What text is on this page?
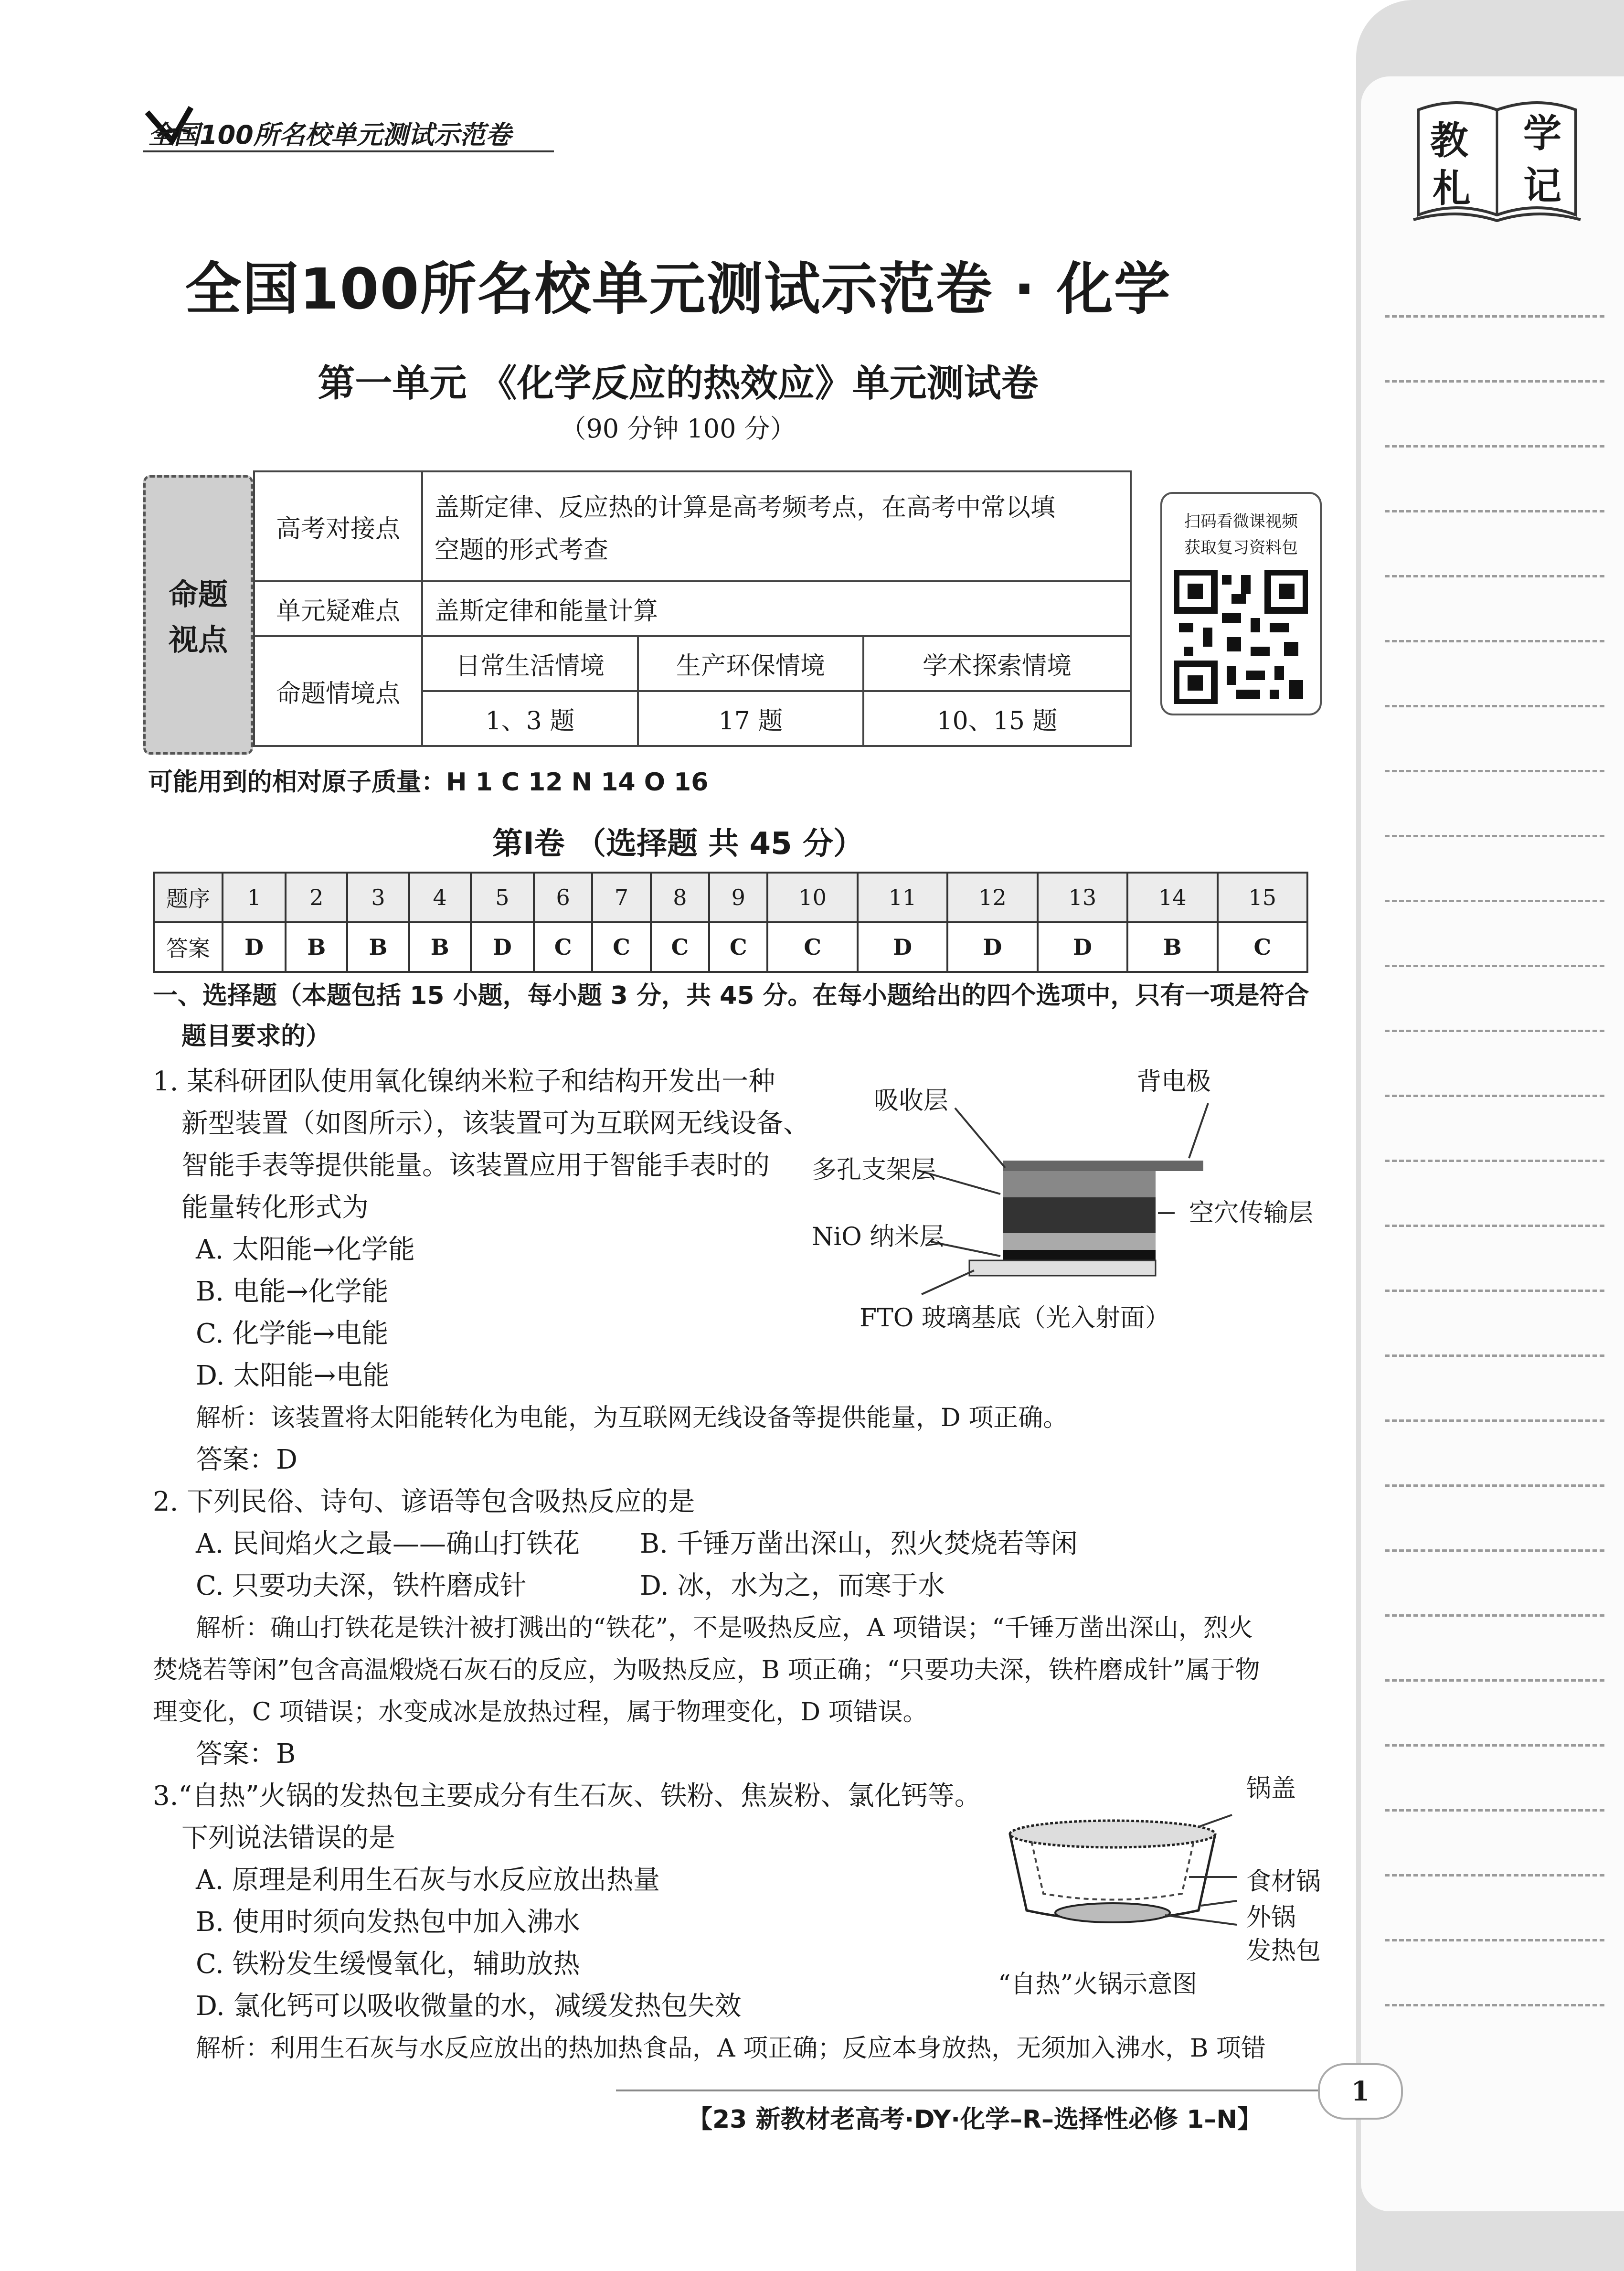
教 学
札 记
全国100所名校单元测试示范卷
全国100所名校单元测试示范卷 · 化学
第一单元 《化学反应的热效应》单元测试卷
（90 分钟 100 分）
命题
视点
高考对接点	盖斯定律、反应热的计算是高考频考点，在高考中常以填
空题的形式考查		

单元疑难点	盖斯定律和能量计算		
命题情境点	日常生活情境	生产环保情境	学术探索情境
	1、3 题	17 题	10、15 题
扫码看微课视频
获取复习资料包
可能用到的相对原子质量：H 1 C 12 N 14 O 16
第Ⅰ卷 （选择题 共 45 分）
题序	1	2	3	4	5	6	7	8	9	10	11	12	13	14	15
答案	D	B	B	B	D	C	C	C	C	C	D	D	D	B	C
一、选择题（本题包括 15 小题，每小题 3 分，共 45 分。在每小题给出的四个选项中，只有一项是符合
题目要求的）
1. 某科研团队使用氧化镍纳米粒子和结构开发出一种
新型装置（如图所示），该装置可为互联网无线设备、
智能手表等提供能量。该装置应用于智能手表时的
能量转化形式为
A. 太阳能→化学能
B. 电能→化学能
C. 化学能→电能
D. 太阳能→电能
吸收层
背电极
多孔支架层
空穴传输层
NiO 纳米层
FTO 玻璃基底（光入射面）
解析：该装置将太阳能转化为电能，为互联网无线设备等提供能量，D 项正确。
答案：D
2. 下列民俗、诗句、谚语等包含吸热反应的是
A. 民间焰火之最——确山打铁花 B. 千锤万凿出深山，烈火焚烧若等闲
C. 只要功夫深，铁杵磨成针	D. 冰，水为之，而寒于水
解析：确山打铁花是铁汁被打溅出的“铁花”，不是吸热反应，A 项错误；“千锤万凿出深山，烈火
焚烧若等闲”包含高温煅烧石灰石的反应，为吸热反应，B 项正确；“只要功夫深，铁杵磨成针”属于物
理变化，C 项错误；水变成冰是放热过程，属于物理变化，D 项错误。
答案：B
3.“自热”火锅的发热包主要成分有生石灰、铁粉、焦炭粉、氯化钙等。
下列说法错误的是
A. 原理是利用生石灰与水反应放出热量
B. 使用时须向发热包中加入沸水
C. 铁粉发生缓慢氧化，辅助放热
D. 氯化钙可以吸收微量的水，减缓发热包失效
锅盖
食材锅
外锅
发热包
“自热”火锅示意图
解析：利用生石灰与水反应放出的热加热食品，A 项正确；反应本身放热，无须加入沸水，B 项错
【23 新教材老高考·DY·化学–R–选择性必修 1–N】
1
